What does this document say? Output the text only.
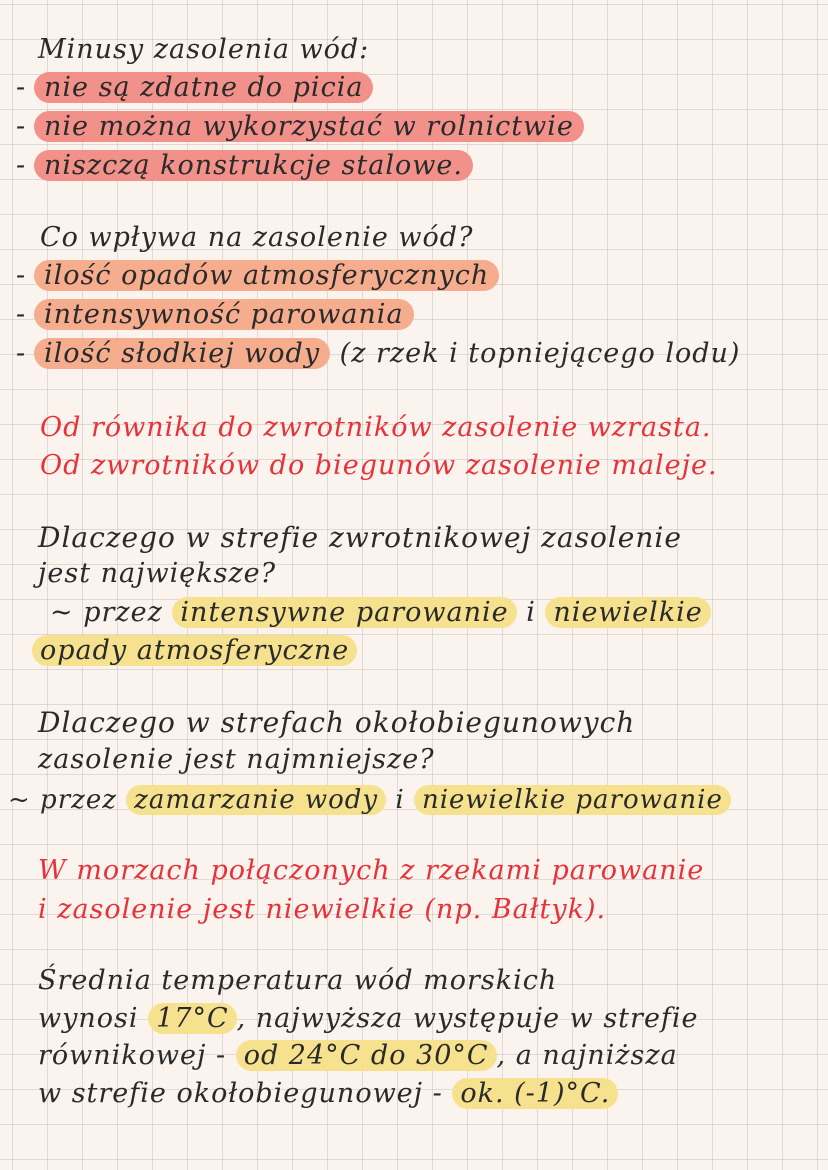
Minusy zasolenia wód:
- nie są zdatne do picia
- nie można wykorzystać w rolnictwie
- niszczą konstrukcje stalowe.
Co wpływa na zasolenie wód?
- ilość opadów atmosferycznych
- intensywność parowania
- ilość słodkiej wody (z rzek i topniejącego lodu)
Od równika do zwrotników zasolenie wzrasta.
Od zwrotników do biegunów zasolenie maleje.
Dlaczego w strefie zwrotnikowej zasolenie
jest największe?
~ przez intensywne parowanie i niewielkie
opady atmosferyczne
Dlaczego w strefach okołobiegunowych
zasolenie jest najmniejsze?
~ przez zamarzanie wody i niewielkie parowanie
W morzach połączonych z rzekami parowanie
i zasolenie jest niewielkie (np. Bałtyk).
Średnia temperatura wód morskich
wynosi 17°C , najwyższa występuje w strefie
równikowej - od 24°C do 30°C , a najniższa
w strefie okołobiegunowej - ok. (-1)°C.
